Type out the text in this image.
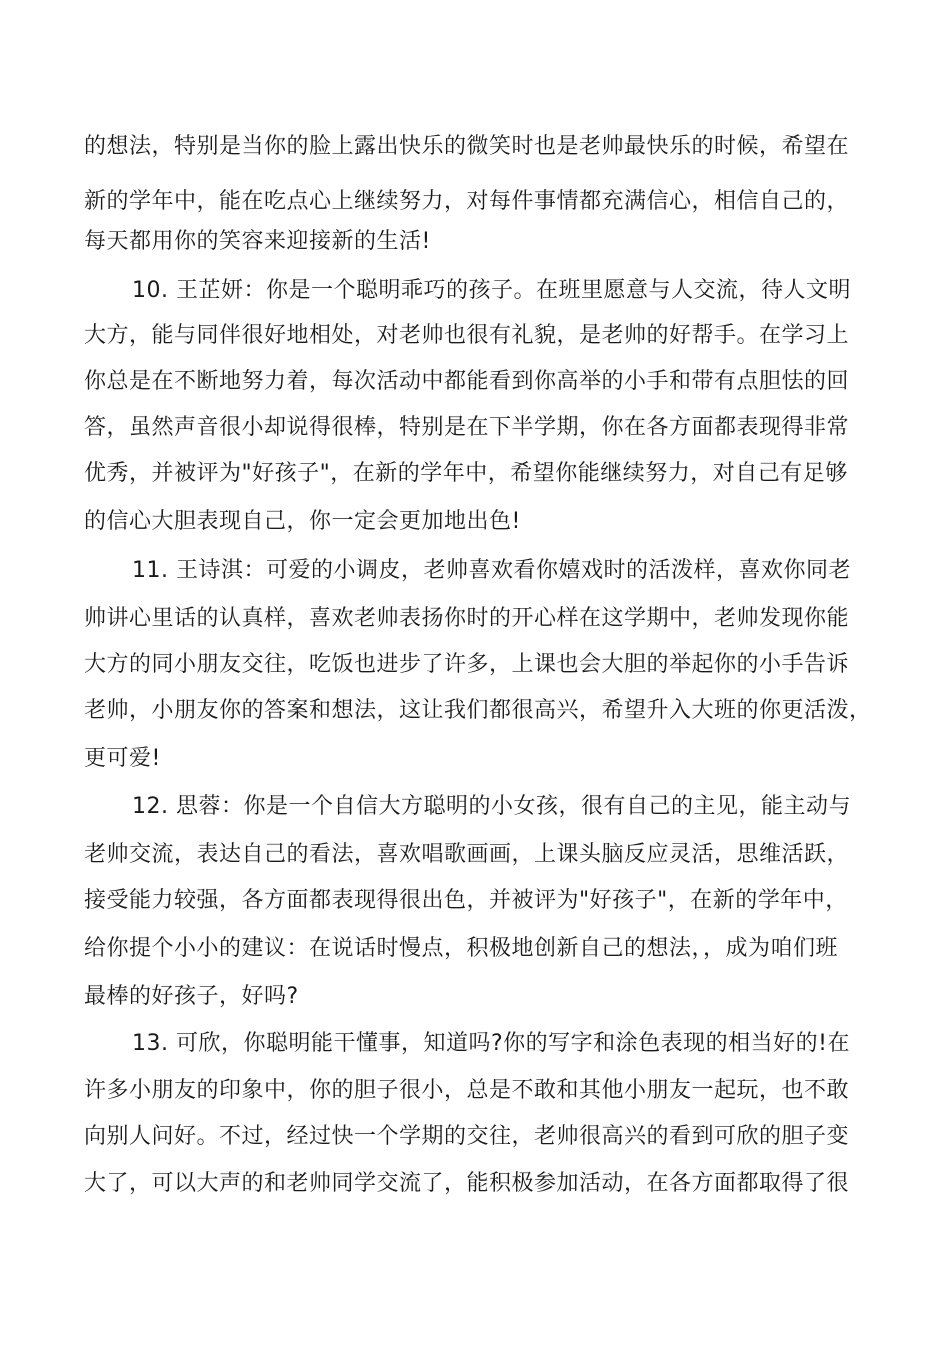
的想法，特别是当你的脸上露出快乐的微笑时也是老帅最快乐的时候，希望在
新的学年中，能在吃点心上继续努力，对每件事情都充满信心，相信自己的，
每天都用你的笑容来迎接新的生活!
10. 王芷妍：你是一个聪明乖巧的孩子。在班里愿意与人交流，待人文明
大方，能与同伴很好地相处，对老帅也很有礼貌，是老帅的好帮手。在学习上
你总是在不断地努力着，每次活动中都能看到你高举的小手和带有点胆怯的回
答，虽然声音很小却说得很棒，特别是在下半学期，你在各方面都表现得非常
优秀，并被评为"好孩子"，在新的学年中，希望你能继续努力，对自己有足够
的信心大胆表现自己，你一定会更加地出色!
11. 王诗淇：可爱的小调皮，老帅喜欢看你嬉戏时的活泼样，喜欢你同老
帅讲心里话的认真样，喜欢老帅表扬你时的开心样在这学期中，老帅发现你能
大方的同小朋友交往，吃饭也进步了许多，上课也会大胆的举起你的小手告诉
老帅，小朋友你的答案和想法，这让我们都很高兴，希望升入大班的你更活泼，
更可爱!
12. 思蓉：你是一个自信大方聪明的小女孩，很有自己的主见，能主动与
老帅交流，表达自己的看法，喜欢唱歌画画，上课头脑反应灵活，思维活跃，
接受能力较强，各方面都表现得很出色，并被评为"好孩子"，在新的学年中，
给你提个小小的建议：在说话时慢点，积极地创新自己的想法，，成为咱们班
最棒的好孩子，好吗?
13. 可欣，你聪明能干懂事，知道吗?你的写字和涂色表现的相当好的!在
许多小朋友的印象中，你的胆子很小，总是不敢和其他小朋友一起玩，也不敢
向别人问好。不过，经过快一个学期的交往，老帅很高兴的看到可欣的胆子变
大了，可以大声的和老帅同学交流了，能积极参加活动，在各方面都取得了很
